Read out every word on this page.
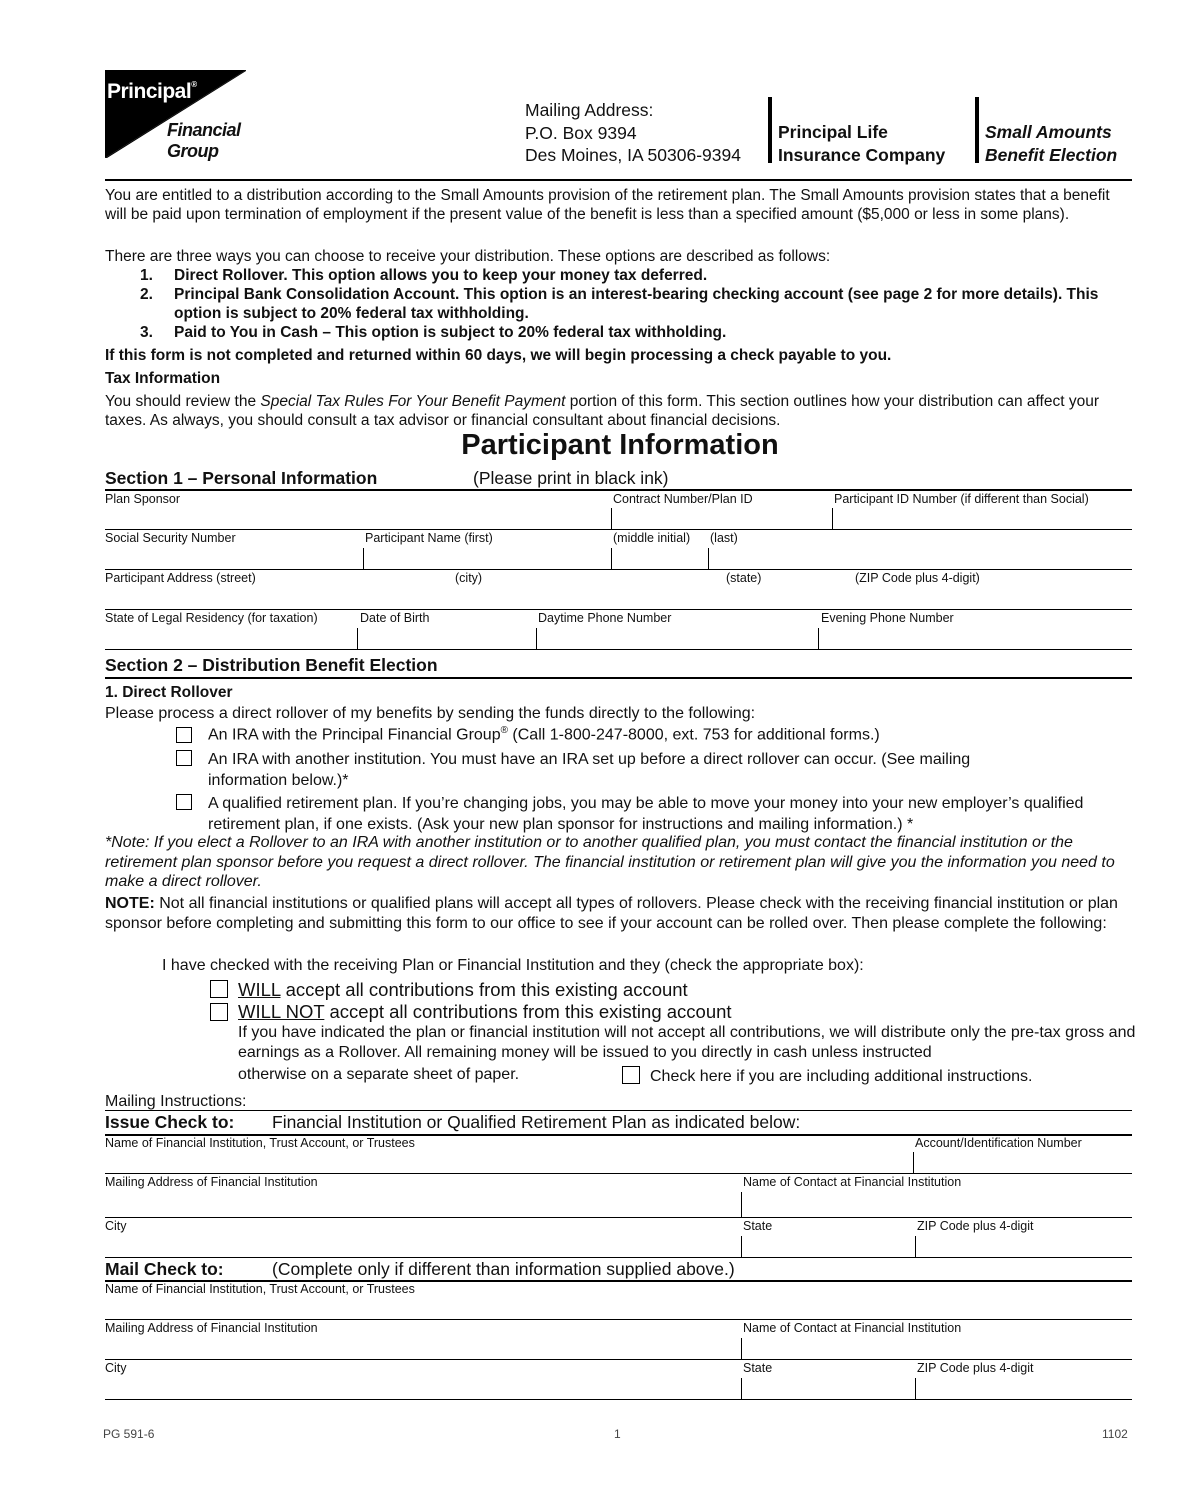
Principal®
Financial
Group
Mailing Address:
P.O. Box 9394
Des Moines, IA 50306-9394
Principal Life
Insurance Company
Small Amounts
Benefit Election
You are entitled to a distribution according to the Small Amounts provision of the retirement plan. The Small Amounts provision states that a benefit will be paid upon termination of employment if the present value of the benefit is less than a specified amount ($5,000 or less in some plans).
There are three ways you can choose to receive your distribution. These options are described as follows:
1. Direct Rollover. This option allows you to keep your money tax deferred.
2. Principal Bank Consolidation Account. This option is an interest-bearing checking account (see page 2 for more details). This option is subject to 20% federal tax withholding.
3. Paid to You in Cash – This option is subject to 20% federal tax withholding.
If this form is not completed and returned within 60 days, we will begin processing a check payable to you.
Tax Information
You should review the Special Tax Rules For Your Benefit Payment portion of this form. This section outlines how your distribution can affect your taxes. As always, you should consult a tax advisor or financial consultant about financial decisions.
Participant Information
Section 1 – Personal Information	(Please print in black ink)
Plan Sponsor	Contract Number/Plan ID	Participant ID Number (if different than Social)
Social Security Number	Participant Name (first)	(middle initial) (last)
Participant Address (street)	(city)	(state)	(ZIP Code plus 4-digit)
State of Legal Residency (for taxation)	Date of Birth	Daytime Phone Number	Evening Phone Number
Section 2 – Distribution Benefit Election
1. Direct Rollover
Please process a direct rollover of my benefits by sending the funds directly to the following:
An IRA with the Principal Financial Group® (Call 1-800-247-8000, ext. 753 for additional forms.)
An IRA with another institution. You must have an IRA set up before a direct rollover can occur. (See mailing information below.)*
A qualified retirement plan. If you’re changing jobs, you may be able to move your money into your new employer’s qualified retirement plan, if one exists. (Ask your new plan sponsor for instructions and mailing information.) *
*Note: If you elect a Rollover to an IRA with another institution or to another qualified plan, you must contact the financial institution or the retirement plan sponsor before you request a direct rollover. The financial institution or retirement plan will give you the information you need to make a direct rollover.
NOTE: Not all financial institutions or qualified plans will accept all types of rollovers. Please check with the receiving financial institution or plan sponsor before completing and submitting this form to our office to see if your account can be rolled over. Then please complete the following:
I have checked with the receiving Plan or Financial Institution and they (check the appropriate box):
WILL accept all contributions from this existing account
WILL NOT accept all contributions from this existing account
If you have indicated the plan or financial institution will not accept all contributions, we will distribute only the pre-tax gross and earnings as a Rollover. All remaining money will be issued to you directly in cash unless instructed
otherwise on a separate sheet of paper.	Check here if you are including additional instructions.
Mailing Instructions:
Issue Check to: Financial Institution or Qualified Retirement Plan as indicated below:
Name of Financial Institution, Trust Account, or Trustees	Account/Identification Number
Mailing Address of Financial Institution	Name of Contact at Financial Institution
City	State	ZIP Code plus 4-digit
Mail Check to:	(Complete only if different than information supplied above.)
Name of Financial Institution, Trust Account, or Trustees
Mailing Address of Financial Institution	Name of Contact at Financial Institution
City	State	ZIP Code plus 4-digit
PG 591-6	1	1102
